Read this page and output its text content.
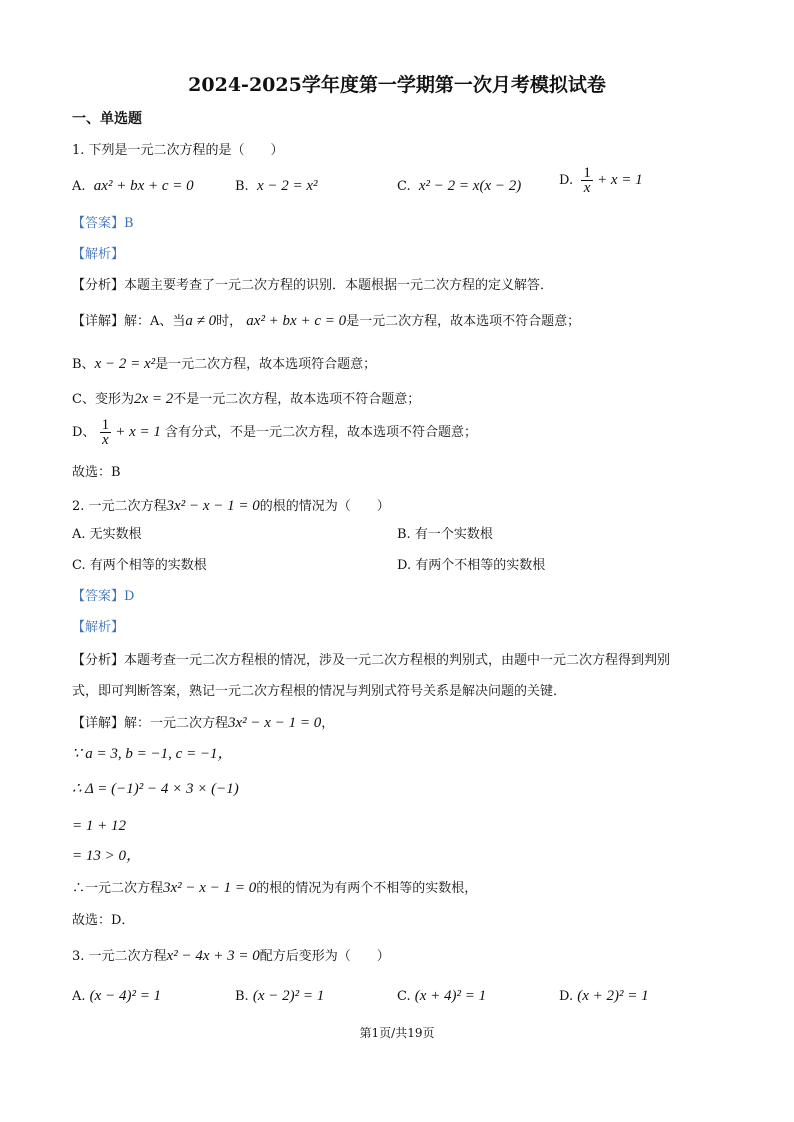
2024-2025学年度第一学期第一次月考模拟试卷
一、单选题
1. 下列是一元二次方程的是（　　）
A. ax² + bx + c = 0	B. x − 2 = x²	C. x² − 2 = x(x − 2)	D. $\frac{1}{x} + x = 1$
【答案】B
【解析】
【分析】本题主要考查了一元二次方程的识别．本题根据一元二次方程的定义解答．
【详解】解：A、当a ≠ 0时， ax² + bx + c = 0是一元二次方程，故本选项不符合题意；
B、x − 2 = x²是一元二次方程，故本选项符合题意；
C、变形为2x = 2不是一元二次方程，故本选项不符合题意；
D、 $\frac{1}{x} + x = 1$ 含有分式，不是一元二次方程，故本选项不符合题意；
故选：B
2. 一元二次方程3x² − x − 1 = 0的根的情况为（　　）
A. 无实数根	B. 有一个实数根
C. 有两个相等的实数根	D. 有两个不相等的实数根
【答案】D
【解析】
【分析】本题考查一元二次方程根的情况，涉及一元二次方程根的判别式，由题中一元二次方程得到判别
式，即可判断答案，熟记一元二次方程根的情况与判别式符号关系是解决问题的关键．
【详解】解：一元二次方程3x² − x − 1 = 0，
∵ a = 3, b = −1, c = −1，
∴ Δ = (−1)² − 4 × 3 × (−1)
= 1 + 12
= 13 > 0，
∴一元二次方程3x² − x − 1 = 0的根的情况为有两个不相等的实数根，
故选：D．
3. 一元二次方程x² − 4x + 3 = 0配方后变形为（　　）
A. (x − 4)² = 1	B. (x − 2)² = 1	C. (x + 4)² = 1	D. (x + 2)² = 1
第1页/共19页
